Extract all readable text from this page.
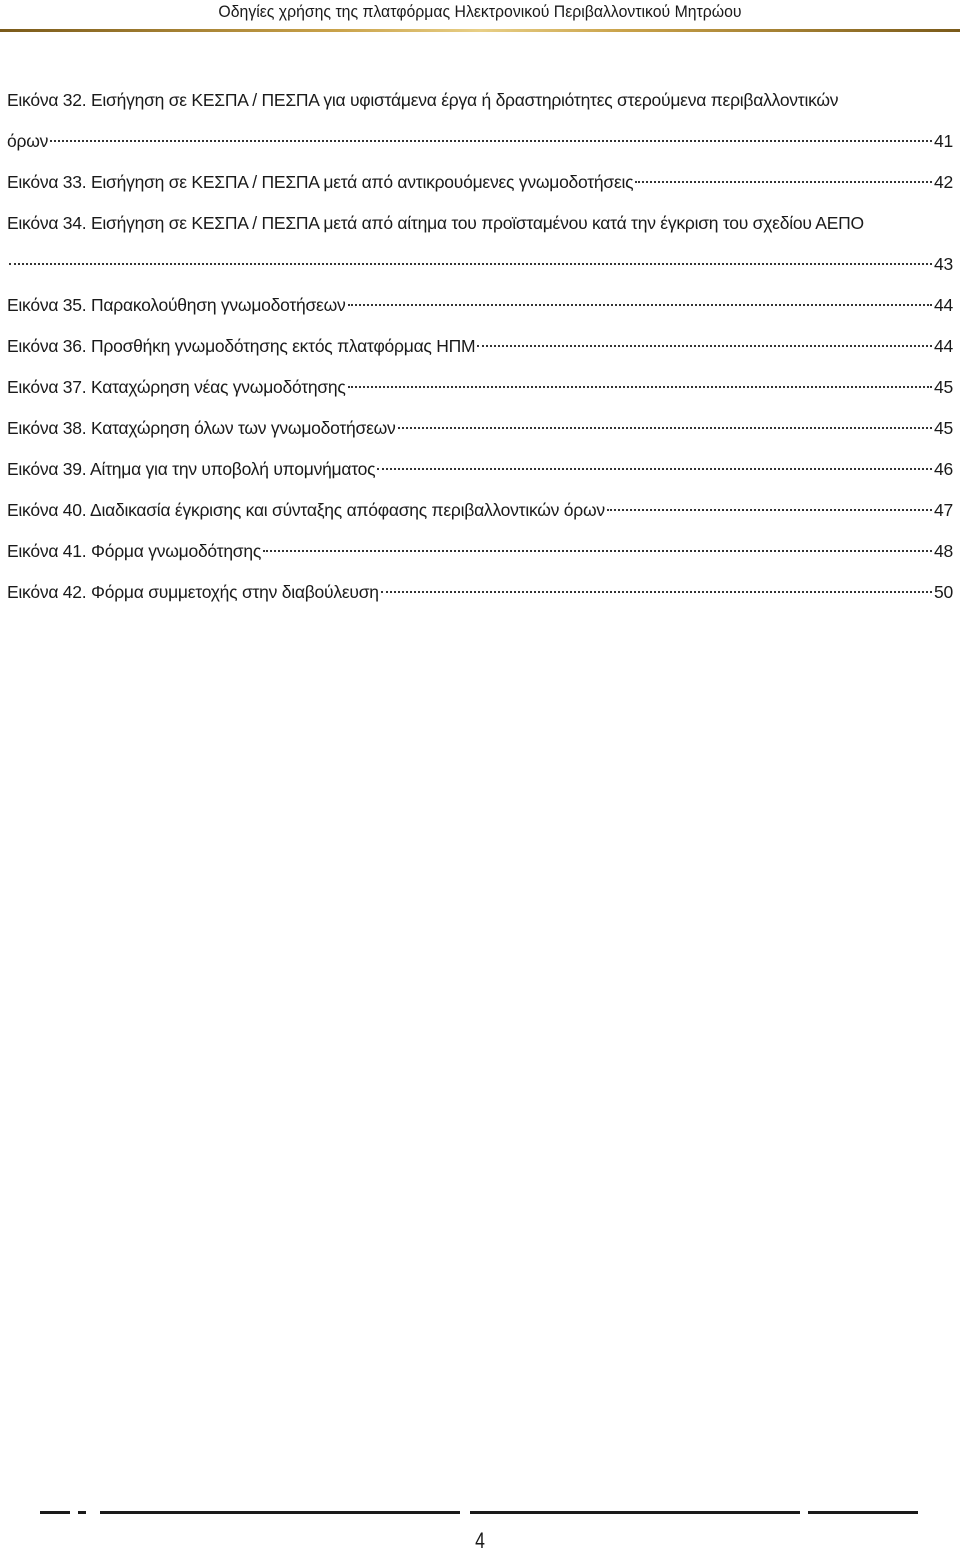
Οδηγίες χρήσης της πλατφόρμας Ηλεκτρονικού Περιβαλλοντικού Μητρώου
Εικόνα 32. Εισήγηση σε ΚΕΣΠΑ / ΠΕΣΠΑ για υφιστάμενα έργα ή δραστηριότητες στερούμενα περιβαλλοντικών
όρων	41
Εικόνα 33. Εισήγηση σε ΚΕΣΠΑ / ΠΕΣΠΑ μετά από αντικρουόμενες γνωμοδοτήσεις	42
Εικόνα 34. Εισήγηση σε ΚΕΣΠΑ / ΠΕΣΠΑ μετά από αίτημα του προϊσταμένου κατά την έγκριση του σχεδίου ΑΕΠΟ
43
Εικόνα 35. Παρακολούθηση γνωμοδοτήσεων	44
Εικόνα 36. Προσθήκη γνωμοδότησης εκτός πλατφόρμας ΗΠΜ	44
Εικόνα 37. Καταχώρηση νέας γνωμοδότησης	45
Εικόνα 38. Καταχώρηση όλων των γνωμοδοτήσεων	45
Εικόνα 39. Αίτημα για την υποβολή υπομνήματος	46
Εικόνα 40. Διαδικασία έγκρισης και σύνταξης απόφασης περιβαλλοντικών όρων	47
Εικόνα 41. Φόρμα γνωμοδότησης	48
Εικόνα 42. Φόρμα συμμετοχής στην διαβούλευση	50
4
